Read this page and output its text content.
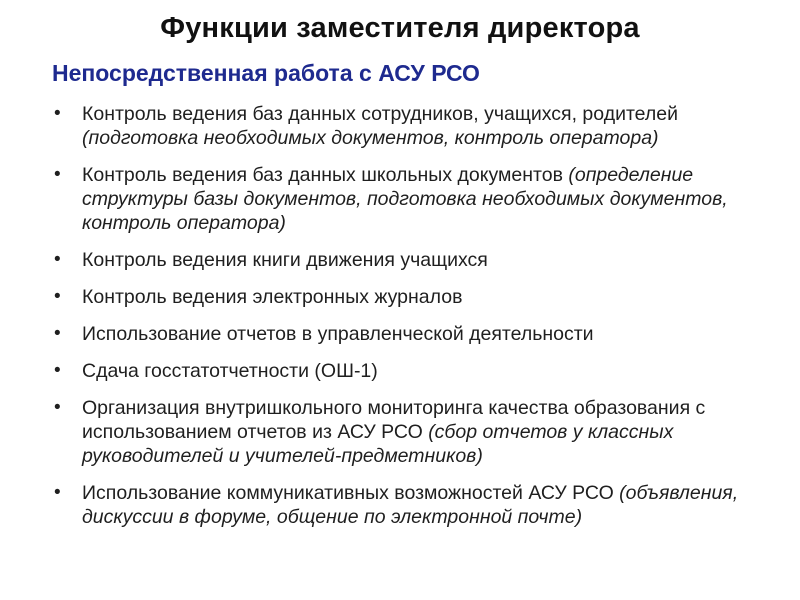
Функции заместителя директора
Непосредственная работа с АСУ РСО
• Контроль ведения баз данных сотрудников, учащихся, родителей (подготовка необходимых документов, контроль оператора)
• Контроль ведения баз данных школьных документов (определение структуры базы документов, подготовка необходимых документов, контроль оператора)
• Контроль ведения книги движения учащихся
• Контроль ведения электронных журналов
• Использование отчетов в управленческой деятельности
• Сдача госстатотчетности (ОШ-1)
• Организация внутришкольного мониторинга качества образования с использованием отчетов из АСУ РСО (сбор отчетов у классных руководителей и учителей-предметников)
• Использование коммуникативных возможностей АСУ РСО (объявления, дискуссии в форуме, общение по электронной почте)
